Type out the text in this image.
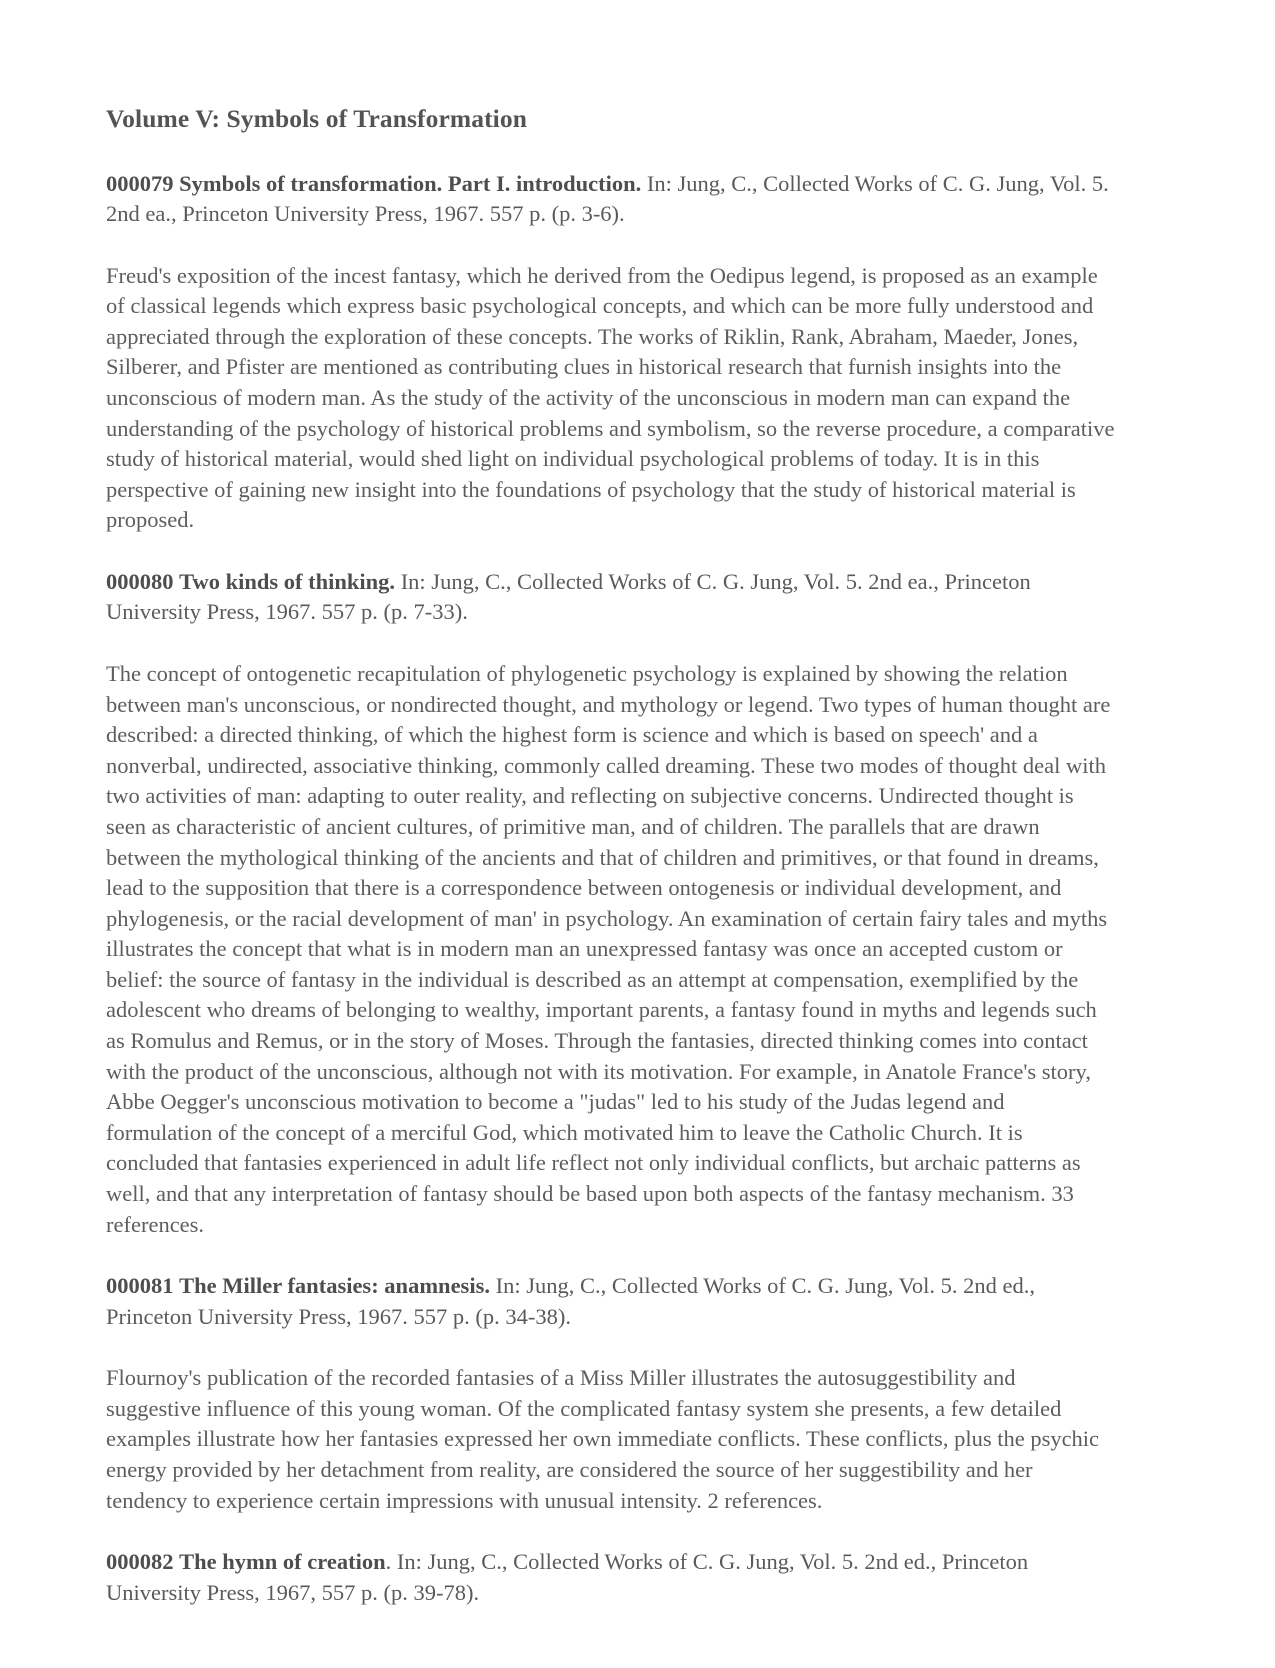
Volume V: Symbols of Transformation

000079 Symbols of transformation. Part I. introduction. In: Jung, C., Collected Works of C. G. Jung, Vol. 5. 2nd ea., Princeton University Press, 1967. 557 p. (p. 3-6).

Freud's exposition of the incest fantasy, which he derived from the Oedipus legend, is proposed as an example of classical legends which express basic psychological concepts, and which can be more fully understood and appreciated through the exploration of these concepts. The works of Riklin, Rank, Abraham, Maeder, Jones, Silberer, and Pfister are mentioned as contributing clues in historical research that furnish insights into the unconscious of modern man. As the study of the activity of the unconscious in modern man can expand the understanding of the psychology of historical problems and symbolism, so the reverse procedure, a comparative study of historical material, would shed light on individual psychological problems of today. It is in this perspective of gaining new insight into the foundations of psychology that the study of historical material is proposed.

000080 Two kinds of thinking. In: Jung, C., Collected Works of C. G. Jung, Vol. 5. 2nd ea., Princeton University Press, 1967. 557 p. (p. 7-33).

The concept of ontogenetic recapitulation of phylogenetic psychology is explained by showing the relation between man's unconscious, or nondirected thought, and mythology or legend. Two types of human thought are described: a directed thinking, of which the highest form is science and which is based on speech' and a nonverbal, undirected, associative thinking, commonly called dreaming. These two modes of thought deal with two activities of man: adapting to outer reality, and reflecting on subjective concerns. Undirected thought is seen as characteristic of ancient cultures, of primitive man, and of children. The parallels that are drawn between the mythological thinking of the ancients and that of children and primitives, or that found in dreams, lead to the supposition that there is a correspondence between ontogenesis or individual development, and phylogenesis, or the racial development of man' in psychology. An examination of certain fairy tales and myths illustrates the concept that what is in modern man an unexpressed fantasy was once an accepted custom or belief: the source of fantasy in the individual is described as an attempt at compensation, exemplified by the adolescent who dreams of belonging to wealthy, important parents, a fantasy found in myths and legends such as Romulus and Remus, or in the story of Moses. Through the fantasies, directed thinking comes into contact with the product of the unconscious, although not with its motivation. For example, in Anatole France's story, Abbe Oegger's unconscious motivation to become a "judas" led to his study of the Judas legend and formulation of the concept of a merciful God, which motivated him to leave the Catholic Church. It is concluded that fantasies experienced in adult life reflect not only individual conflicts, but archaic patterns as well, and that any interpretation of fantasy should be based upon both aspects of the fantasy mechanism. 33 references.

000081 The Miller fantasies: anamnesis. In: Jung, C., Collected Works of C. G. Jung, Vol. 5. 2nd ed., Princeton University Press, 1967. 557 p. (p. 34-38).

Flournoy's publication of the recorded fantasies of a Miss Miller illustrates the autosuggestibility and suggestive influence of this young woman. Of the complicated fantasy system she presents, a few detailed examples illustrate how her fantasies expressed her own immediate conflicts. These conflicts, plus the psychic energy provided by her detachment from reality, are considered the source of her suggestibility and her tendency to experience certain impressions with unusual intensity. 2 references.

000082 The hymn of creation. In: Jung, C., Collected Works of C. G. Jung, Vol. 5. 2nd ed., Princeton University Press, 1967, 557 p. (p. 39-78).
